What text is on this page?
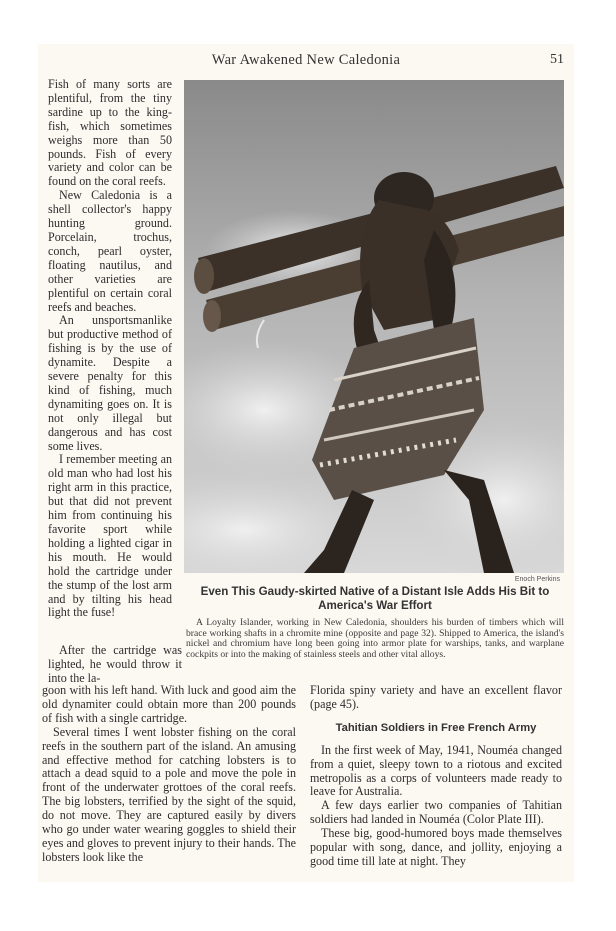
War Awakened New Caledonia	51

Fish of many sorts are plentiful, from the tiny sardine up to the king-fish, which sometimes weighs more than 50 pounds. Fish of every variety and color can be found on the coral reefs.

New Caledonia is a shell collector's happy hunting ground. Porcelain, trochus, conch, pearl oyster, floating nautilus, and other varieties are plentiful on certain coral reefs and beaches.

An unsportsmanlike but productive method of fishing is by the use of dynamite. Despite a severe penalty for this kind of fishing, much dynamiting goes on. It is not only illegal but dangerous and has cost some lives.

I remember meeting an old man who had lost his right arm in this practice, but that did not prevent him from continuing his favorite sport while holding a lighted cigar in his mouth. He would hold the cartridge under the stump of the lost arm and by tilting his head light the fuse!

Enoch Perkins
Even This Gaudy-skirted Native of a Distant Isle Adds His Bit to America's War Effort
A Loyalty Islander, working in New Caledonia, shoulders his burden of timbers which will brace working shafts in a chromite mine (opposite and page 32). Shipped to America, the island's nickel and chromium have long been going into armor plate for warships, tanks, and warplane cockpits or into the making of stainless steels and other vital alloys.

After the cartridge was lighted, he would throw it into the la-

goon with his left hand. With luck and good aim the old dynamiter could obtain more than 200 pounds of fish with a single cartridge.

Several times I went lobster fishing on the coral reefs in the southern part of the island. An amusing and effective method for catching lobsters is to attach a dead squid to a pole and move the pole in front of the underwater grottoes of the coral reefs. The big lobsters, terrified by the sight of the squid, do not move. They are captured easily by divers who go under water wearing goggles to shield their eyes and gloves to prevent injury to their hands. The lobsters look like the

Florida spiny variety and have an excellent flavor (page 45).

Tahitian Soldiers in Free French Army

In the first week of May, 1941, Nouméa changed from a quiet, sleepy town to a riotous and excited metropolis as a corps of volunteers made ready to leave for Australia.

A few days earlier two companies of Tahitian soldiers had landed in Nouméa (Color Plate III).

These big, good-humored boys made themselves popular with song, dance, and jollity, enjoying a good time till late at night. They
